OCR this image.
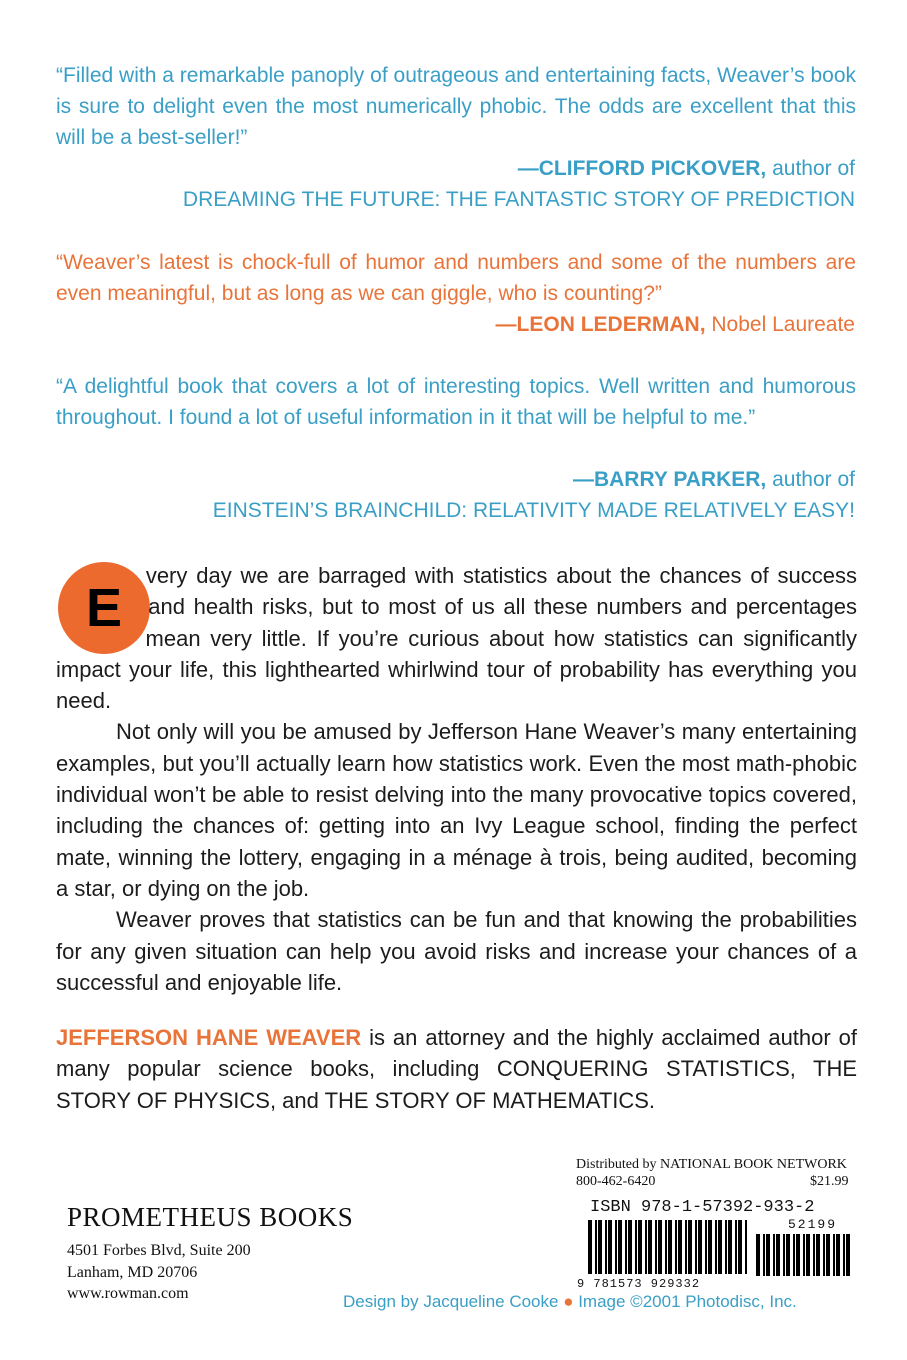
“Filled with a remarkable panoply of outrageous and entertaining facts, Weaver’s book is sure to delight even the most numerically phobic. The odds are excellent that this will be a best-seller!”
—CLIFFORD PICKOVER, author of
DREAMING THE FUTURE: THE FANTASTIC STORY OF PREDICTION
“Weaver’s latest is chock-full of humor and numbers and some of the numbers are even meaningful, but as long as we can giggle, who is counting?”
—LEON LEDERMAN, Nobel Laureate
“A delightful book that covers a lot of interesting topics. Well written and humorous throughout. I found a lot of useful information in it that will be helpful to me.”
—BARRY PARKER, author of
EINSTEIN’S BRAINCHILD: RELATIVITY MADE RELATIVELY EASY!
E

very day we are barraged with statistics about the chances of success and health risks, but to most of us all these numbers and percentages mean very little. If you’re curious about how statistics can significantly impact your life, this lighthearted whirlwind tour of probability has everything you need.

Not only will you be amused by Jefferson Hane Weaver’s many entertaining examples, but you’ll actually learn how statistics work. Even the most math-phobic individual won’t be able to resist delving into the many provocative topics covered, including the chances of: getting into an Ivy League school, finding the perfect mate, winning the lottery, engaging in a ménage à trois, being audited, becoming a star, or dying on the job.

Weaver proves that statistics can be fun and that knowing the probabilities for any given situation can help you avoid risks and increase your chances of a successful and enjoyable life.

JEFFERSON HANE WEAVER is an attorney and the highly acclaimed author of many popular science books, including CONQUERING STATISTICS, THE STORY OF PHYSICS, and THE STORY OF MATHEMATICS.

PROMETHEUS BOOKS
4501 Forbes Blvd, Suite 200
Lanham, MD 20706
www.rowman.com
Distributed by NATIONAL BOOK NETWORK
800-462-6420	$21.99
ISBN 978-1-57392-933-2
52199
9 781573 929332
Design by Jacqueline Cooke ● Image ©2001 Photodisc, Inc.
